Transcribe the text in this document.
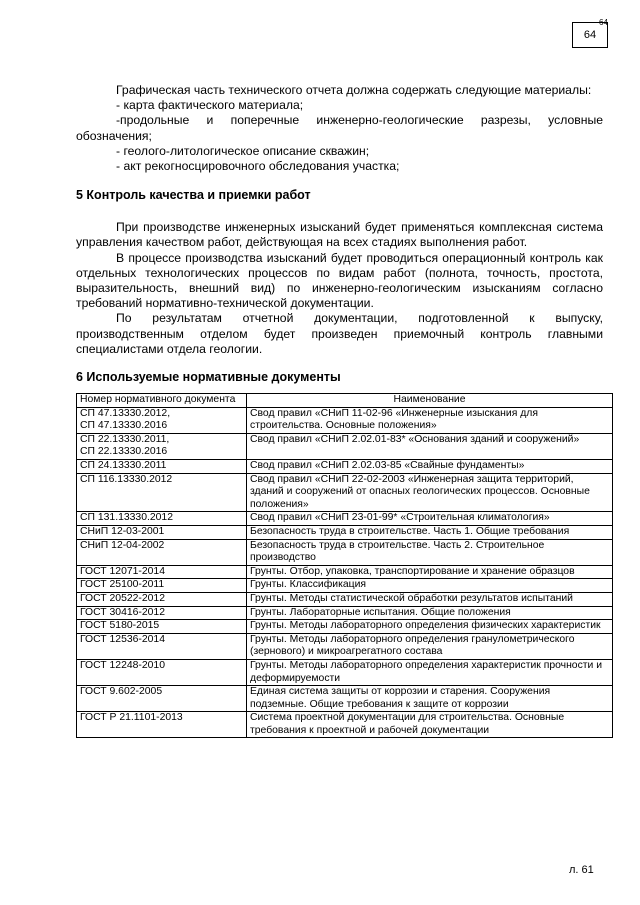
64
64

Графическая часть технического отчета должна содержать следующие материалы:

- карта фактического материала;

-продольные и поперечные инженерно-геологические разрезы, условные обозначения;

- геолого-литологическое описание скважин;

- акт рекогносцировочного обследования участка;

5 Контроль качества и приемки работ

При производстве инженерных изысканий будет применяться комплексная система управления качеством работ, действующая на всех стадиях выполнения работ.

В процессе производства изысканий будет проводиться операционный контроль как отдельных технологических процессов по видам работ (полнота, точность, простота, выразительность, внешний вид) по инженерно-геологическим изысканиям согласно требований нормативно-технической документации.

По результатам отчетной документации, подготовленной к выпуску, производственным отделом будет произведен приемочный контроль главными специалистами отдела геологии.

6 Используемые нормативные документы
Номер нормативного документа	Наименование
СП 47.13330.2012,
СП 47.13330.2016	Свод правил «СНиП 11-02-96 «Инженерные изыскания для строительства. Основные положения»
СП 22.13330.2011,
СП 22.13330.2016	Свод правил «СНиП 2.02.01-83* «Основания зданий и сооружений»
СП 24.13330.2011	Свод правил «СНиП 2.02.03-85 «Свайные фундаменты»
СП 116.13330.2012	Свод правил «СНиП 22-02-2003 «Инженерная защита территорий, зданий и сооружений от опасных геологических процессов. Основные положения»
СП 131.13330.2012	Свод правил «СНиП 23-01-99* «Строительная климатология»
СНиП 12-03-2001	Безопасность труда в строительстве. Часть 1. Общие требования
СНиП 12-04-2002	Безопасность труда в строительстве. Часть 2. Строительное производство
ГОСТ 12071-2014	Грунты. Отбор, упаковка, транспортирование и хранение образцов
ГОСТ 25100-2011	Грунты. Классификация
ГОСТ 20522-2012	Грунты. Методы статистической обработки результатов испытаний
ГОСТ 30416-2012	Грунты. Лабораторные испытания. Общие положения
ГОСТ 5180-2015	Грунты. Методы лабораторного определения физических характеристик
ГОСТ 12536-2014	Грунты. Методы лабораторного определения гранулометрического (зернового) и микроагрегатного состава
ГОСТ 12248-2010	Грунты. Методы лабораторного определения характеристик прочности и деформируемости
ГОСТ 9.602-2005	Единая система защиты от коррозии и старения. Сооружения подземные. Общие требования к защите от коррозии
ГОСТ Р 21.1101-2013	Система проектной документации для строительства. Основные требования к проектной и рабочей документации
л. 61
